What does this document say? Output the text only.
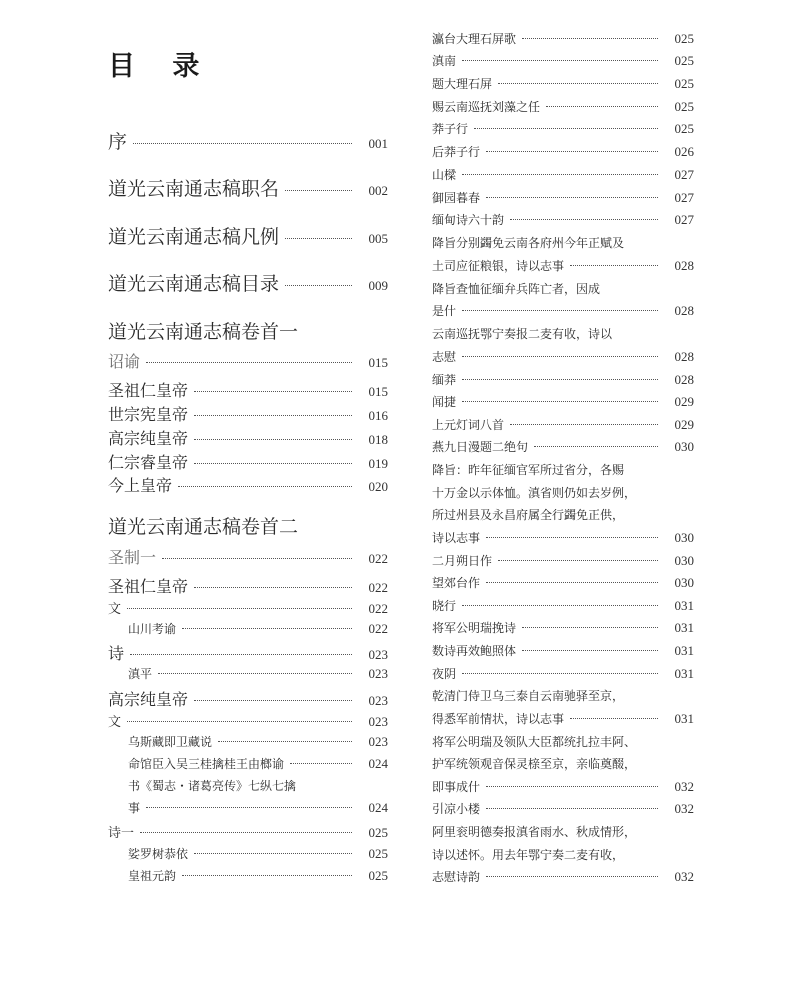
目 录
序	001
道光云南通志稿职名	002
道光云南通志稿凡例	005
道光云南通志稿目录	009
道光云南通志稿卷首一
诏谕	015
圣祖仁皇帝	015
世宗宪皇帝	016
高宗纯皇帝	018
仁宗睿皇帝	019
今上皇帝	020
道光云南通志稿卷首二
圣制一	022
圣祖仁皇帝	022
文	022
山川考谕	022
诗	023
滇平	023
高宗纯皇帝	023
文	023
乌斯藏即卫藏说	023
命馆臣入吴三桂擒桂王由榔谕	024
书《蜀志・诸葛亮传》七纵七擒
事	024
诗一	025
娑罗树恭依	025
皇祖元韵	025
瀛台大理石屏歌	025
滇南	025
题大理石屏	025
赐云南巡抚刘藻之任	025
莽子行	025
后莽子行	026
山樑	027
御园暮春	027
缅甸诗六十韵	027
降旨分别蠲免云南各府州今年正赋及
土司应征粮银，诗以志事	028
降旨查恤征缅弁兵阵亡者，因成
是什	028
云南巡抚鄂宁奏报二麦有收，诗以
志慰	028
缅莽	028
闻捷	029
上元灯词八首	029
燕九日漫题二绝句	030
降旨：昨年征缅官军所过省分，各赐
十万金以示体恤。滇省则仍如去岁例，
所过州县及永昌府属全行蠲免正供，
诗以志事	030
二月朔日作	030
望郊台作	030
晓行	031
将军公明瑞挽诗	031
数诗再效鲍照体	031
夜阴	031
乾清门侍卫乌三泰自云南驰驿至京，
得悉军前情状，诗以志事	031
将军公明瑞及领队大臣都统扎拉丰阿、
护军统领观音保灵榇至京，亲临奠醊，
即事成什	032
引凉小楼	032
阿里衮明德奏报滇省雨水、秋成情形，
诗以述怀。用去年鄂宁奏二麦有收，
志慰诗韵	032
